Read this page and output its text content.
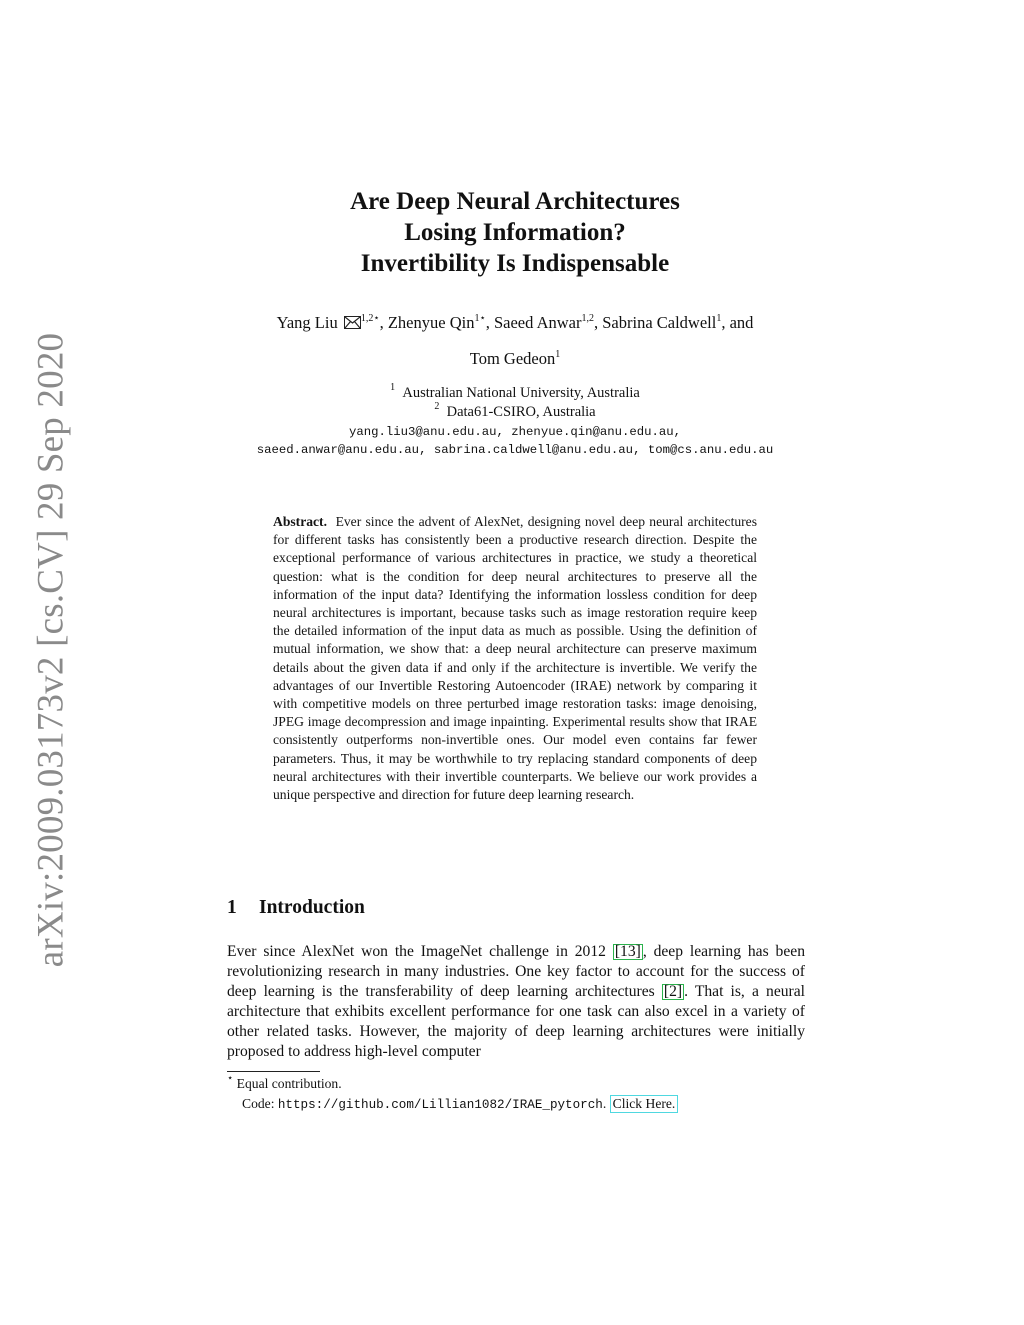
arXiv:2009.03173v2 [cs.CV] 29 Sep 2020
Are Deep Neural Architectures
Losing Information?
Invertibility Is Indispensable
Yang Liu
$^{1,2⋆}$, Zhenyue Qin$^{1⋆}$, Saeed Anwar$^{1,2}$, Sabrina Caldwell$^1$, and
Tom Gedeon$^1$
$^1$ Australian National University, Australia
$^2$ Data61-CSIRO, Australia
yang.liu3@anu.edu.au, zhenyue.qin@anu.edu.au,
saeed.anwar@anu.edu.au, sabrina.caldwell@anu.edu.au, tom@cs.anu.edu.au
Abstract. Ever since the advent of AlexNet, designing novel deep neural architectures for different tasks has consistently been a productive research direction. Despite the exceptional performance of various architectures in practice, we study a theoretical question: what is the condition for deep neural architectures to preserve all the information of the input data? Identifying the information lossless condition for deep neural architectures is important, because tasks such as image restoration require keep the detailed information of the input data as much as possible. Using the definition of mutual information, we show that: a deep neural architecture can preserve maximum details about the given data if and only if the architecture is invertible. We verify the advantages of our Invertible Restoring Autoencoder (IRAE) network by comparing it with competitive models on three perturbed image restoration tasks: image denoising, JPEG image decompression and image inpainting. Experimental results show that IRAE consistently outperforms non-invertible ones. Our model even contains far fewer parameters. Thus, it may be worthwhile to try replacing standard components of deep neural architectures with their invertible counterparts. We believe our work provides a unique perspective and direction for future deep learning research.
1 Introduction
Ever since AlexNet won the ImageNet challenge in 2012 [13] , deep learning has been revolutionizing research in many industries. One key factor to account for the success of deep learning is the transferability of deep learning architectures [2] . That is, a neural architecture that exhibits excellent performance for one task can also excel in a variety of other related tasks. However, the majority of deep learning architectures were initially proposed to address high-level computer
⋆ Equal contribution.
Code: https://github.com/Lillian1082/IRAE_pytorch. Click Here.
